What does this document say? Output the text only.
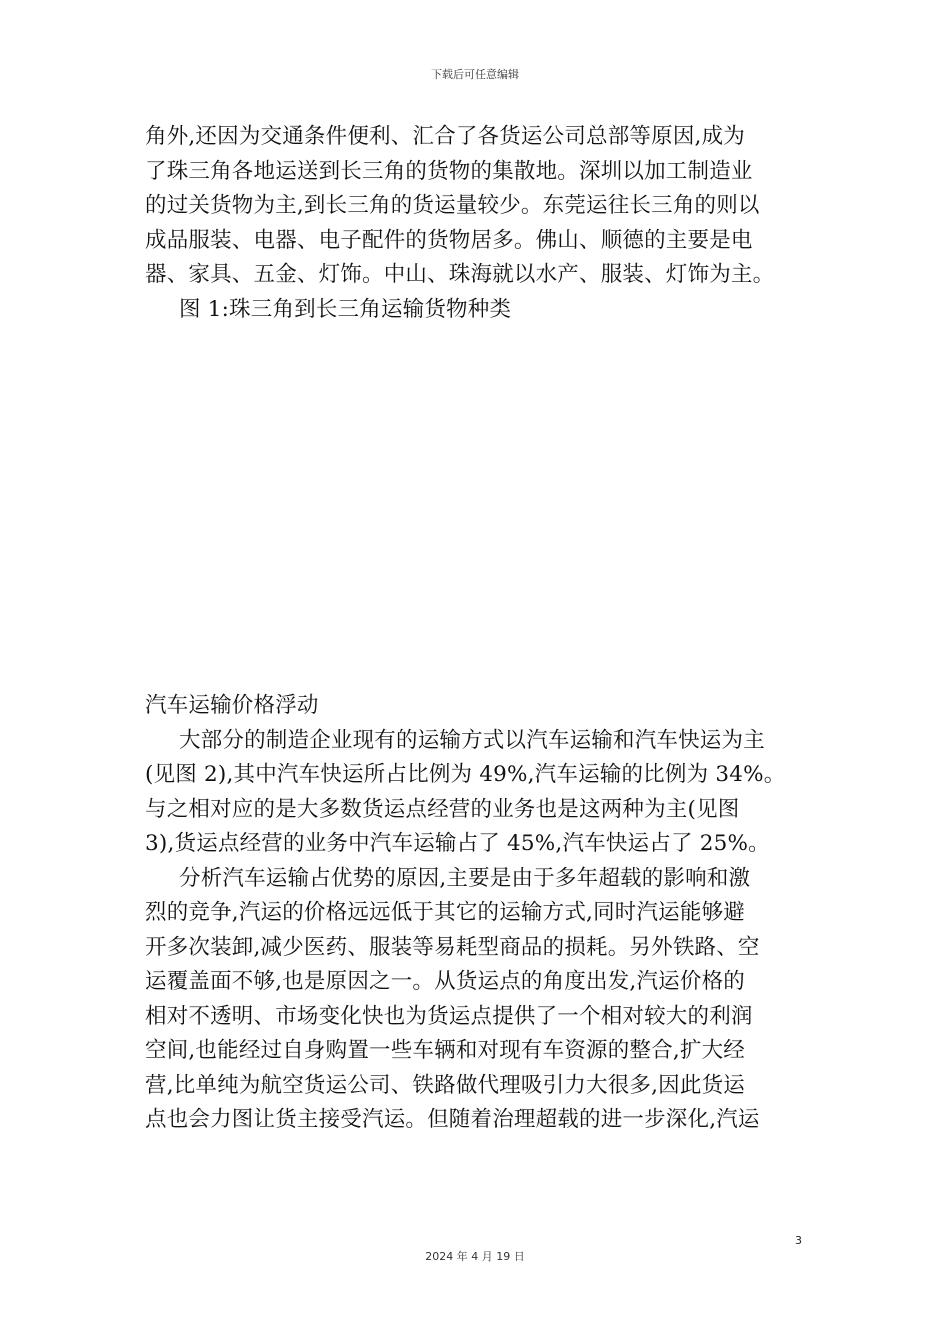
下载后可任意编辑
角外,还因为交通条件便利、汇合了各货运公司总部等原因,成为
了珠三角各地运送到长三角的货物的集散地。深圳以加工制造业
的过关货物为主,到长三角的货运量较少。东莞运往长三角的则以
成品服装、电器、电子配件的货物居多。佛山、顺德的主要是电
器、家具、五金、灯饰。中山、珠海就以水产、服装、灯饰为主。
图 1:珠三角到长三角运输货物种类
汽车运输价格浮动
大部分的制造企业现有的运输方式以汽车运输和汽车快运为主
(见图 2),其中汽车快运所占比例为 49%,汽车运输的比例为 34%。
与之相对应的是大多数货运点经营的业务也是这两种为主(见图
3),货运点经营的业务中汽车运输占了 45%,汽车快运占了 25%。
分析汽车运输占优势的原因,主要是由于多年超载的影响和激
烈的竞争,汽运的价格远远低于其它的运输方式,同时汽运能够避
开多次装卸,减少医药、服装等易耗型商品的损耗。另外铁路、空
运覆盖面不够,也是原因之一。从货运点的角度出发,汽运价格的
相对不透明、市场变化快也为货运点提供了一个相对较大的利润
空间,也能经过自身购置一些车辆和对现有车资源的整合,扩大经
营,比单纯为航空货运公司、铁路做代理吸引力大很多,因此货运
点也会力图让货主接受汽运。但随着治理超载的进一步深化,汽运
3
2024 年 4 月 19 日
